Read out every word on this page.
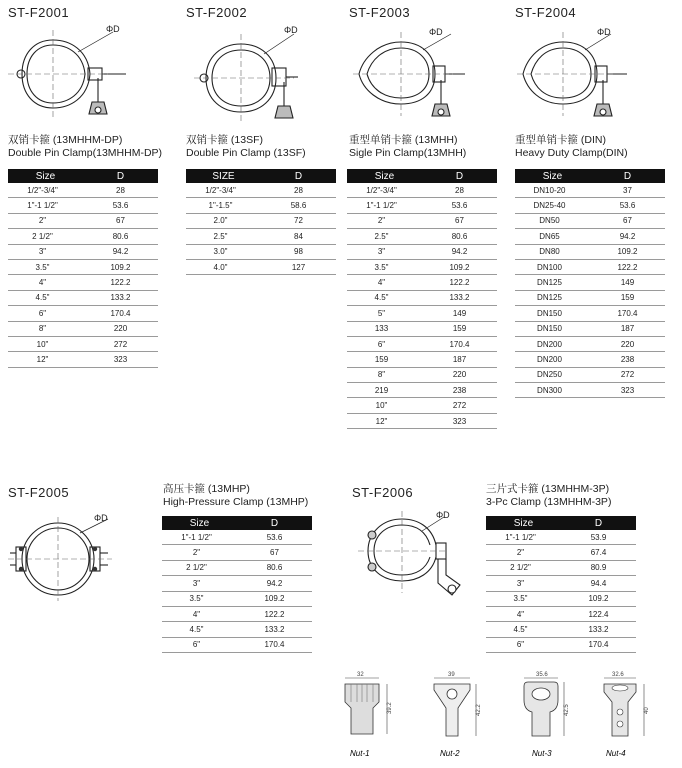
ST-F2001	ST-F2002	ST-F2003	ST-F2004
ST-F2005	ST-F2006
ΦD	ΦD	ΦD	ΦD
双销卡箍 (13MHHM-DP)
Double Pin Clamp(13MHHM-DP)
双销卡箍 (13SF)
Double Pin Clamp (13SF)
重型单销卡箍 (13MHH)
Sigle Pin Clamp(13MHH)
重型单销卡箍 (DIN)
Heavy Duty Clamp(DIN)
Size	D
1/2"-3/4"	28
1"-1 1/2"	53.6
2"	67
2 1/2"	80.6
3"	94.2
3.5"	109.2
4"	122.2
4.5"	133.2
6"	170.4
8"	220
10"	272
12"	323
SIZE	D
1/2"-3/4"	28
1"-1.5"	58.6
2.0"	72
2.5"	84
3.0"	98
4.0"	127
Size	D
1/2"-3/4"	28
1"-1 1/2"	53.6
2"	67
2.5"	80.6
3"	94.2
3.5"	109.2
4"	122.2
4.5"	133.2
5"	149
133	159
6"	170.4
159	187
8"	220
219	238
10"	272
12"	323
Size	D
DN10-20	37
DN25-40	53.6
DN50	67
DN65	94.2
DN80	109.2
DN100	122.2
DN125	149
DN125	159
DN150	170.4
DN150	187
DN200	220
DN200	238
DN250	272
DN300	323
Size	D
1"-1 1/2"	53.6
2"	67
2 1/2"	80.6
3"	94.2
3.5"	109.2
4"	122.2
4.5"	133.2
6"	170.4
Size	D
1"-1 1/2"	53.9
2"	67.4
2 1/2"	80.9
3"	94.4
3.5"	109.2
4"	122.4
4.5"	133.2
6"	170.4
ΦD	ΦD
高压卡箍 (13MHP)
High-Pressure Clamp (13MHP)
三片式卡箍 (13MHHM-3P)
3-Pc Clamp (13MHHM-3P)
32
39.2
Nut-1
39
42.2
Nut-2
35.6
42.5
Nut-3
32.6
40
Nut-4
